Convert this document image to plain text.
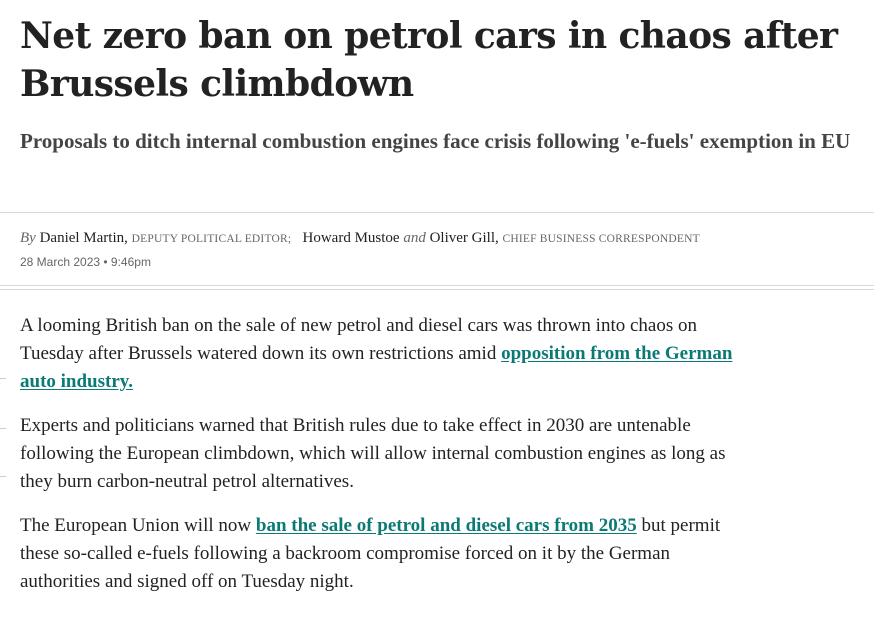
Net zero ban on petrol cars in chaos after Brussels climbdown

Proposals to ditch internal combustion engines face crisis following 'e-fuels' exemption in EU

By Daniel Martin, DEPUTY POLITICAL EDITOR; Howard Mustoe and Oliver Gill, CHIEF BUSINESS CORRESPONDENT
28 March 2023 • 9:46pm

A looming British ban on the sale of new petrol and diesel cars was thrown into chaos on Tuesday after Brussels watered down its own restrictions amid opposition from the German auto industry.

Experts and politicians warned that British rules due to take effect in 2030 are untenable following the European climbdown, which will allow internal combustion engines as long as they burn carbon-neutral petrol alternatives.

The European Union will now ban the sale of petrol and diesel cars from 2035 but permit these so-called e-fuels following a backroom compromise forced on it by the German authorities and signed off on Tuesday night.
